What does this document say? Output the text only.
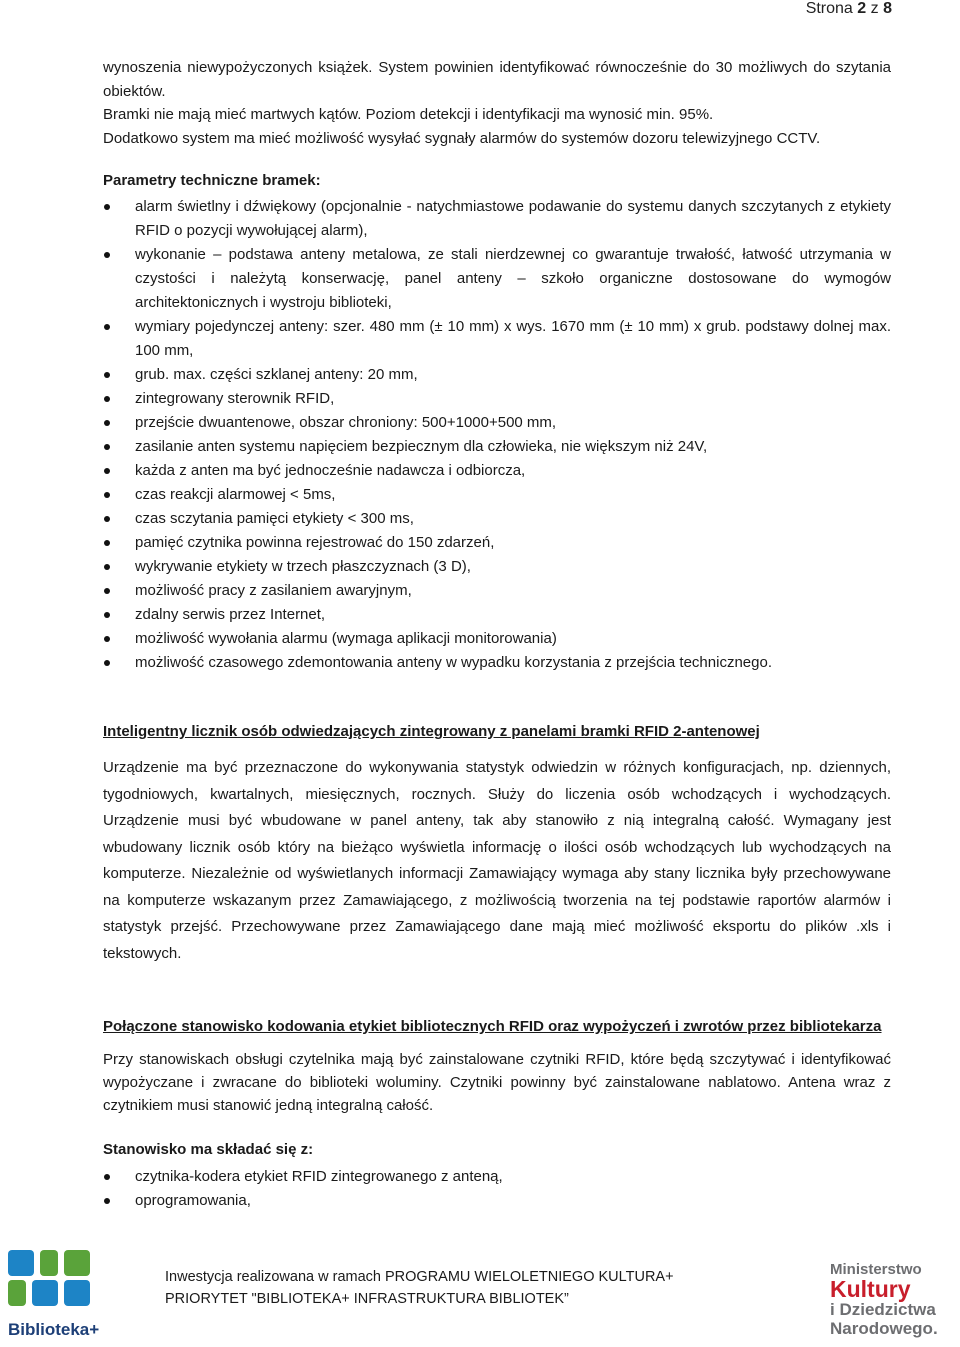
Strona 2 z 8

wynoszenia niewypożyczonych książek. System powinien identyfikować równocześnie do 30 możliwych do szytania obiektów.

Bramki nie mają mieć martwych kątów. Poziom detekcji i identyfikacji ma wynosić min. 95%.

Dodatkowo system ma mieć możliwość wysyłać sygnały alarmów do systemów dozoru telewizyjnego CCTV.

Parametry techniczne bramek:
alarm świetlny i dźwiękowy (opcjonalnie - natychmiastowe podawanie do systemu danych szczytanych z etykiety RFID o pozycji wywołującej alarm),
wykonanie – podstawa anteny metalowa, ze stali nierdzewnej co gwarantuje trwałość, łatwość utrzymania w czystości i należytą konserwację, panel anteny – szkoło organiczne dostosowane do wymogów architektonicznych i wystroju biblioteki,
wymiary pojedynczej anteny: szer. 480 mm (± 10 mm) x wys. 1670 mm (± 10 mm) x grub. podstawy dolnej max. 100 mm,
grub. max. części szklanej anteny: 20 mm,
zintegrowany sterownik RFID,
przejście dwuantenowe, obszar chroniony: 500+1000+500 mm,
zasilanie anten systemu napięciem bezpiecznym dla człowieka, nie większym niż 24V,
każda z anten ma być jednocześnie nadawcza i odbiorcza,
czas reakcji alarmowej < 5ms,
czas sczytania pamięci etykiety < 300 ms,
pamięć czytnika powinna rejestrować do 150 zdarzeń,
wykrywanie etykiety w trzech płaszczyznach (3 D),
możliwość pracy z zasilaniem awaryjnym,
zdalny serwis przez Internet,
możliwość wywołania alarmu (wymaga aplikacji monitorowania)
możliwość czasowego zdemontowania anteny w wypadku korzystania z przejścia technicznego.

Inteligentny licznik osób odwiedzających zintegrowany z panelami bramki RFID 2-antenowej

Urządzenie ma być przeznaczone do wykonywania statystyk odwiedzin w różnych konfiguracjach, np. dziennych, tygodniowych, kwartalnych, miesięcznych, rocznych. Służy do liczenia osób wchodzących i wychodzących. Urządzenie musi być wbudowane w panel anteny, tak aby stanowiło z nią integralną całość. Wymagany jest wbudowany licznik osób który na bieżąco wyświetla informację o ilości osób wchodzących lub wychodzących na komputerze. Niezależnie od wyświetlanych informacji Zamawiający wymaga aby stany licznika były przechowywane na komputerze wskazanym przez Zamawiającego, z możliwością tworzenia na tej podstawie raportów alarmów i statystyk przejść. Przechowywane przez Zamawiającego dane mają mieć możliwość eksportu do plików .xls i tekstowych.

Połączone stanowisko kodowania etykiet bibliotecznych RFID oraz wypożyczeń i zwrotów przez bibliotekarza

Przy stanowiskach obsługi czytelnika mają być zainstalowane czytniki RFID, które będą szczytywać i identyfikować wypożyczane i zwracane do biblioteki woluminy. Czytniki powinny być zainstalowane nablatowo. Antena wraz z czytnikiem musi stanowić jedną integralną całość.

Stanowisko ma składać się z:
czytnika-kodera etykiet RFID zintegrowanego z anteną,
oprogramowania,
Biblioteka+
Inwestycja realizowana w ramach PROGRAMU WIELOLETNIEGO KULTURA+
PRIORYTET "BIBLIOTEKA+ INFRASTRUKTURA BIBLIOTEK”
Ministerstwo
Kultury
i Dziedzictwa
Narodowego.
